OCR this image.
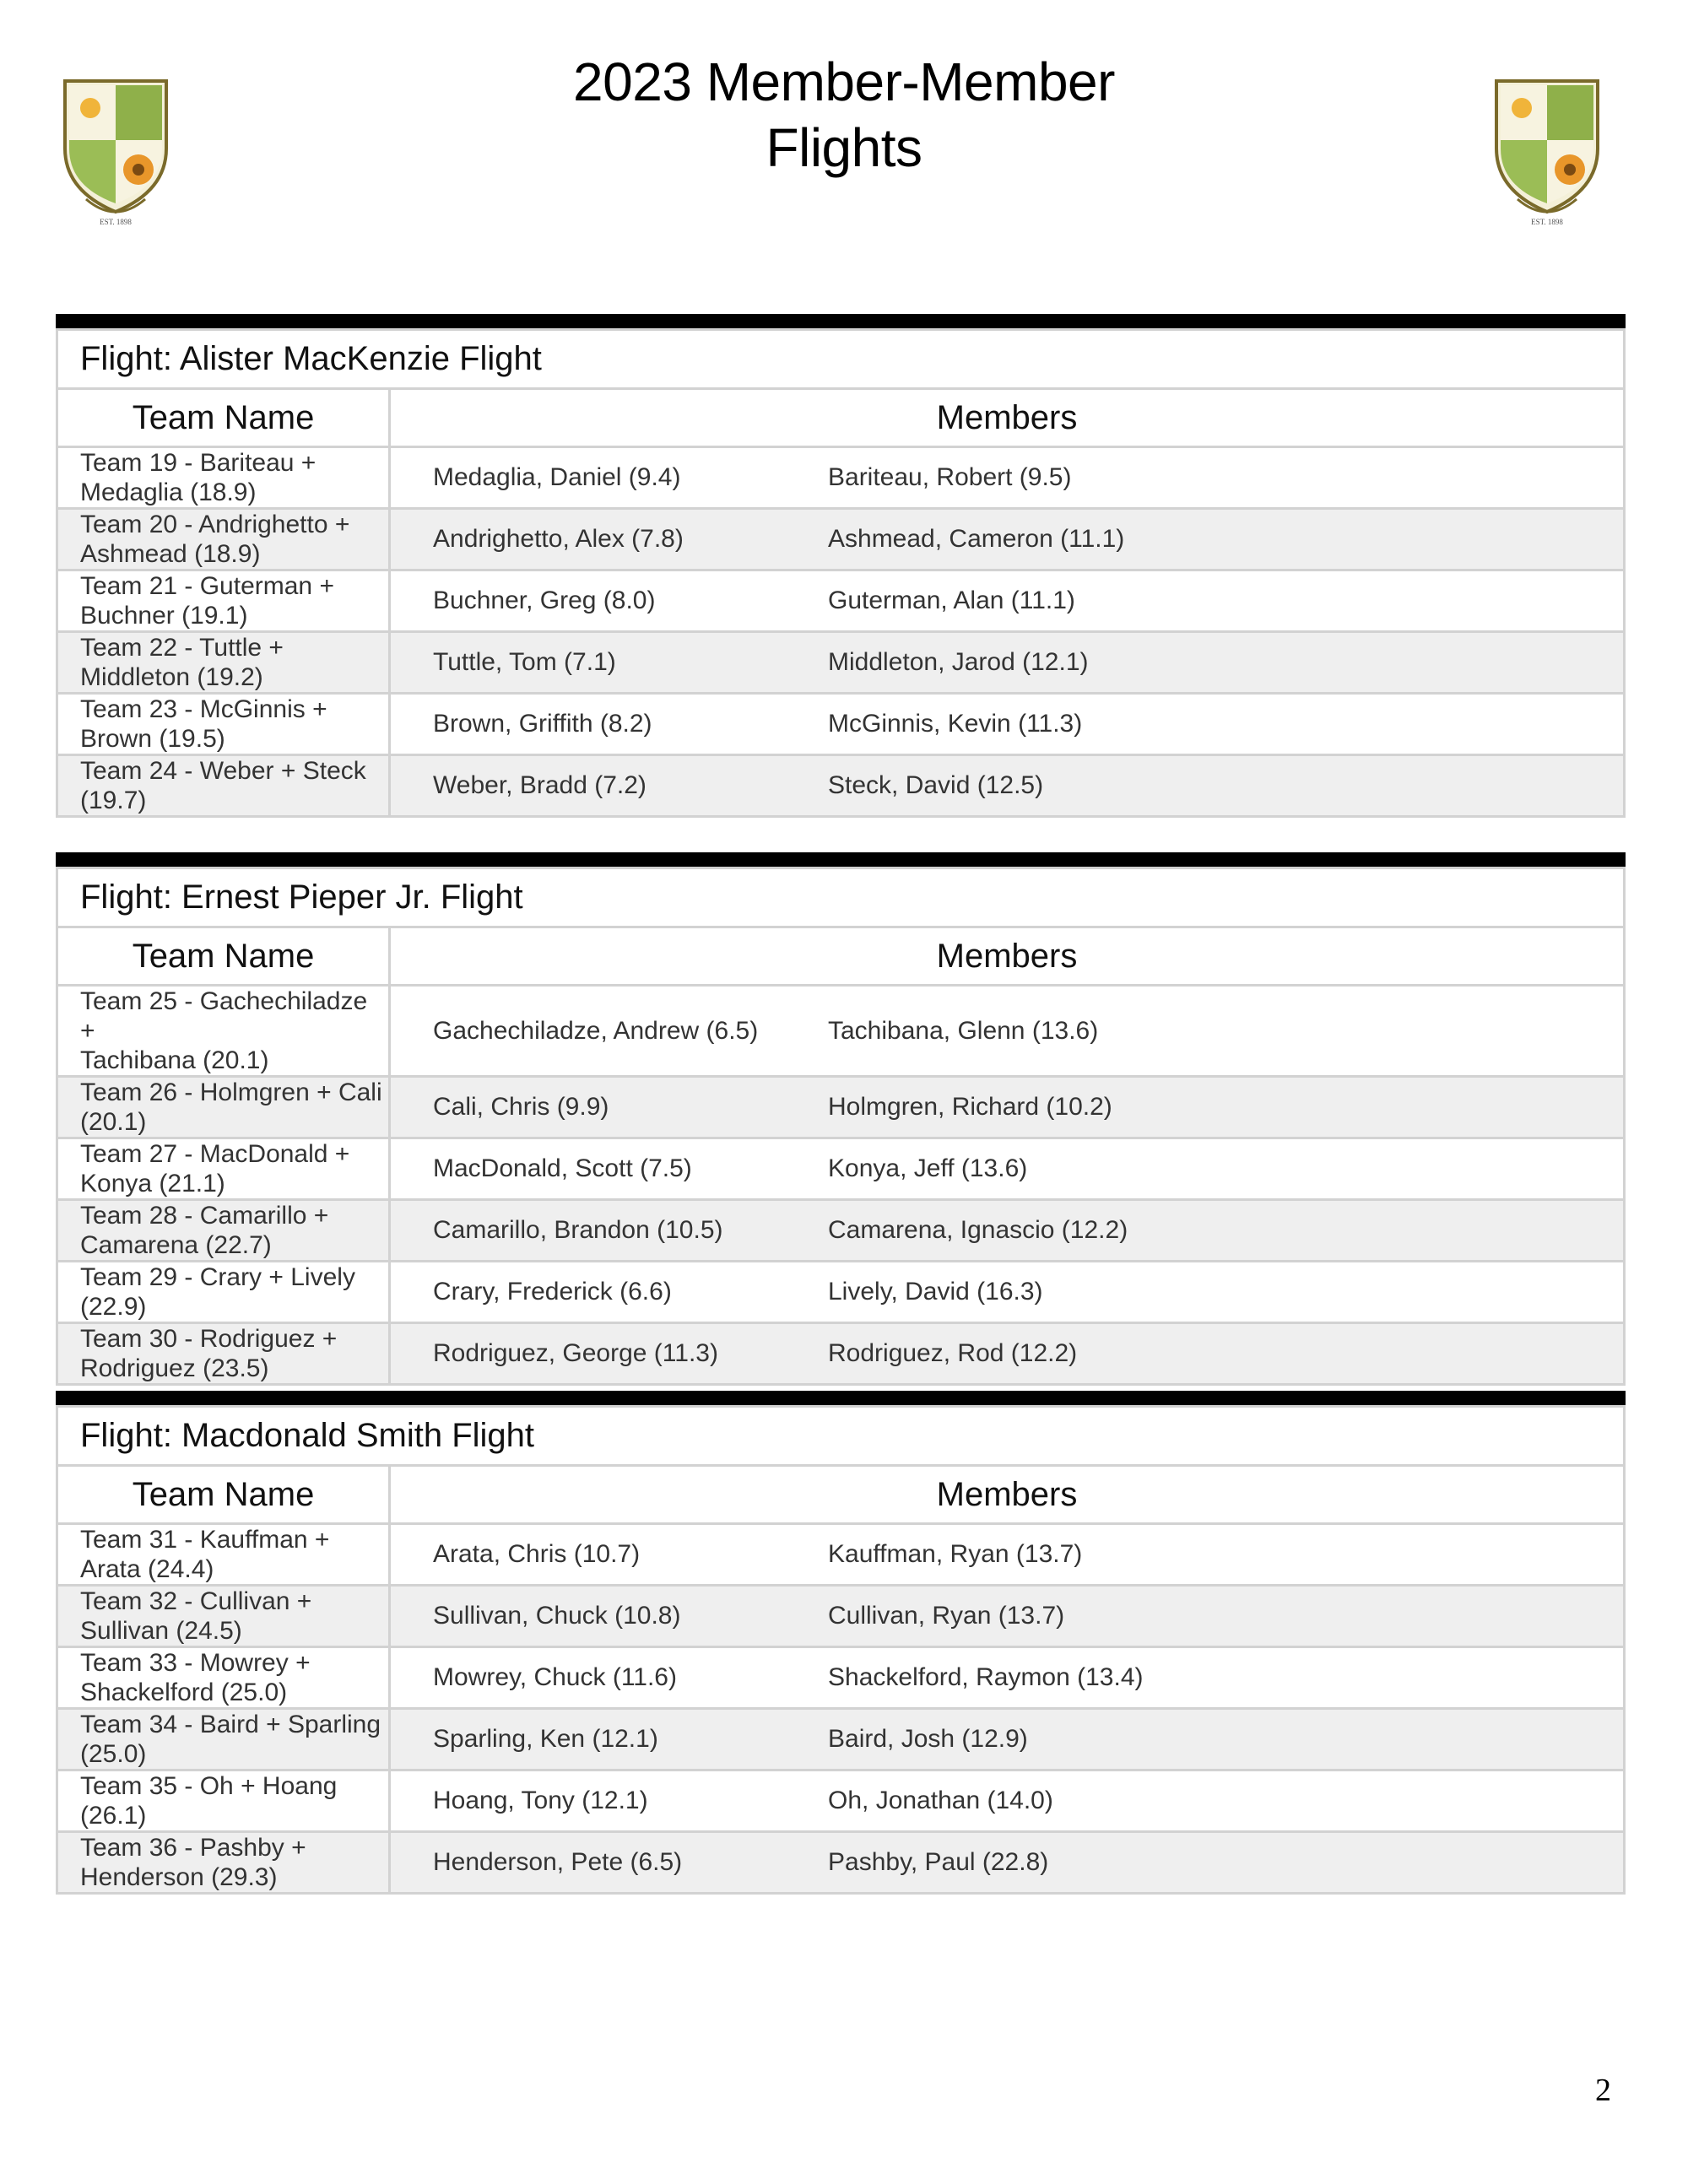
EST. 1898	EST. 1898
2023 Member-Member
Flights
Flight: Alister MacKenzie Flight	
Team Name	Members

Team 19 - Bariteau +
Medaglia (18.9)	Medaglia, Daniel (9.4) Bariteau, Robert (9.5)

Team 20 - Andrighetto +
Ashmead (18.9)	Andrighetto, Alex (7.8) Ashmead, Cameron (11.1)

Team 21 - Guterman +
Buchner (19.1)	Buchner, Greg (8.0) Guterman, Alan (11.1)

Team 22 - Tuttle +
Middleton (19.2)	Tuttle, Tom (7.1) Middleton, Jarod (12.1)

Team 23 - McGinnis +
Brown (19.5)	Brown, Griffith (8.2) McGinnis, Kevin (11.3)

Team 24 - Weber + Steck
(19.7)	Weber, Bradd (7.2) Steck, David (12.5)
Flight: Ernest Pieper Jr. Flight	
Team Name	Members

Team 25 - Gachechiladze +
Tachibana (20.1)	Gachechiladze, Andrew (6.5) Tachibana, Glenn (13.6)

Team 26 - Holmgren + Cali
(20.1)	Cali, Chris (9.9) Holmgren, Richard (10.2)

Team 27 - MacDonald +
Konya (21.1)	MacDonald, Scott (7.5) Konya, Jeff (13.6)

Team 28 - Camarillo +
Camarena (22.7)	Camarillo, Brandon (10.5) Camarena, Ignascio (12.2)

Team 29 - Crary + Lively
(22.9)	Crary, Frederick (6.6) Lively, David (16.3)

Team 30 - Rodriguez +
Rodriguez (23.5)	Rodriguez, George (11.3) Rodriguez, Rod (12.2)
Flight: Macdonald Smith Flight	
Team Name	Members

Team 31 - Kauffman +
Arata (24.4)	Arata, Chris (10.7) Kauffman, Ryan (13.7)

Team 32 - Cullivan +
Sullivan (24.5)	Sullivan, Chuck (10.8) Cullivan, Ryan (13.7)

Team 33 - Mowrey +
Shackelford (25.0)	Mowrey, Chuck (11.6) Shackelford, Raymon (13.4)

Team 34 - Baird + Sparling
(25.0)	Sparling, Ken (12.1) Baird, Josh (12.9)

Team 35 - Oh + Hoang
(26.1)	Hoang, Tony (12.1) Oh, Jonathan (14.0)

Team 36 - Pashby +
Henderson (29.3)	Henderson, Pete (6.5) Pashby, Paul (22.8)
2
